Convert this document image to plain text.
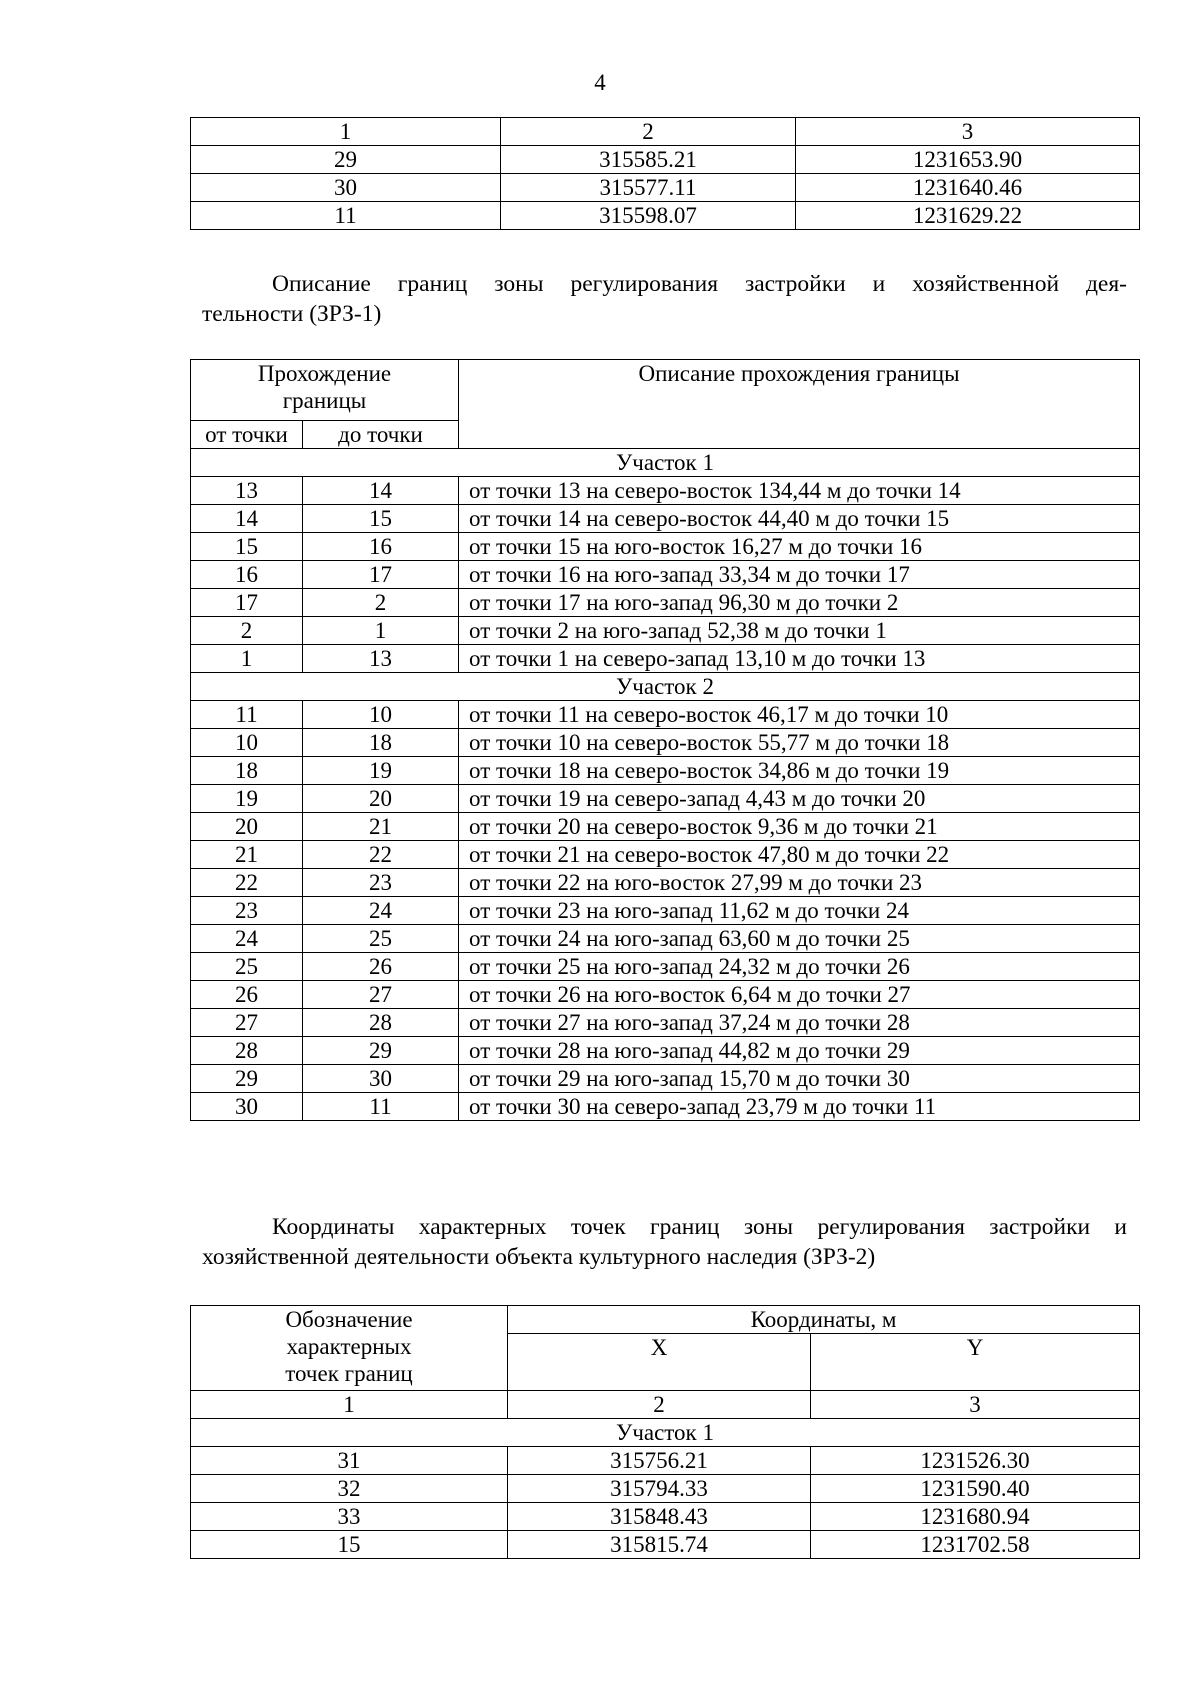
4
1	2	3
29	315585.21	1231653.90
30	315577.11	1231640.46
11	315598.07	1231629.22
Описание границ зоны регулирования застройки и хозяйственной дея-
тельности (ЗРЗ-1)
Прохождение
границы		Описание прохождения границы
от точки	до точки	
Участок 1		
13	14	от точки 13 на северо-восток 134,44 м до точки 14
14	15	от точки 14 на северо-восток 44,40 м до точки 15
15	16	от точки 15 на юго-восток 16,27 м до точки 16
16	17	от точки 16 на юго-запад 33,34 м до точки 17
17	2	от точки 17 на юго-запад 96,30 м до точки 2
2	1	от точки 2 на юго-запад 52,38 м до точки 1
1	13	от точки 1 на северо-запад 13,10 м до точки 13
Участок 2		
11	10	от точки 11 на северо-восток 46,17 м до точки 10
10	18	от точки 10 на северо-восток 55,77 м до точки 18
18	19	от точки 18 на северо-восток 34,86 м до точки 19
19	20	от точки 19 на северо-запад 4,43 м до точки 20
20	21	от точки 20 на северо-восток 9,36 м до точки 21
21	22	от точки 21 на северо-восток 47,80 м до точки 22
22	23	от точки 22 на юго-восток 27,99 м до точки 23
23	24	от точки 23 на юго-запад 11,62 м до точки 24
24	25	от точки 24 на юго-запад 63,60 м до точки 25
25	26	от точки 25 на юго-запад 24,32 м до точки 26
26	27	от точки 26 на юго-восток 6,64 м до точки 27
27	28	от точки 27 на юго-запад 37,24 м до точки 28
28	29	от точки 28 на юго-запад 44,82 м до точки 29
29	30	от точки 29 на юго-запад 15,70 м до точки 30
30	11	от точки 30 на северо-запад 23,79 м до точки 11
Координаты характерных точек границ зоны регулирования застройки и
хозяйственной деятельности объекта культурного наследия (ЗРЗ-2)
Обозначение
характерных
точек границ	Координаты, м	
	X	Y
1	2	3
Участок 1		
31	315756.21	1231526.30
32	315794.33	1231590.40
33	315848.43	1231680.94
15	315815.74	1231702.58
